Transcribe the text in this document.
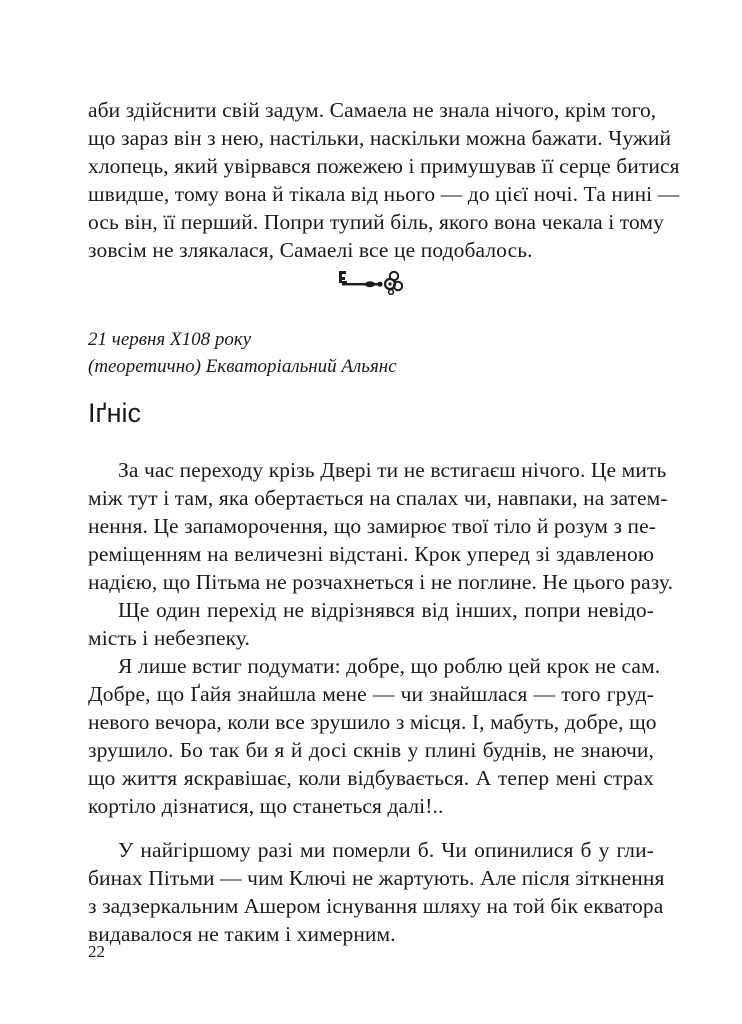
аби здійснити свій задум. Самаела не знала нічого, крім того,
що зараз він з нею, настільки, наскільки можна бажати. Чужий
хлопець, який увірвався пожежею і примушував її серце битися
швидше, тому вона й тікала від нього — до цієї ночі. Та нині —
ось він, її перший. Попри тупий біль, якого вона чекала і тому
зовсім не злякалася, Самаелі все це подобалось.
21 червня Х108 року
(теоретично) Екваторіальний Альянс
Іґніс
За час переходу крізь Двері ти не встигаєш нічого. Це мить
між тут і там, яка обертається на спалах чи, навпаки, на затем-
нення. Це запаморочення, що замирює твої тіло й розум з пе-
реміщенням на величезні відстані. Крок уперед зі здавленою
надією, що Пітьма не розчахнеться і не поглине. Не цього разу.
Ще один перехід не відрізнявся від інших, попри невідо-
мість і небезпеку.
Я лише встиг подумати: добре, що роблю цей крок не сам.
Добре, що Ґайя знайшла мене — чи знайшлася — того груд-
невого вечора, коли все зрушило з місця. І, мабуть, добре, що
зрушило. Бо так би я й досі скнів у плині буднів, не знаючи,
що життя яскравішає, коли відбувається. А тепер мені страх
кортіло дізнатися, що станеться далі!..
У найгіршому разі ми померли б. Чи опинилися б у гли-
бинах Пітьми — чим Ключі не жартують. Але після зіткнення
з задзеркальним Ашером існування шляху на той бік екватора
видавалося не таким і химерним.
22
